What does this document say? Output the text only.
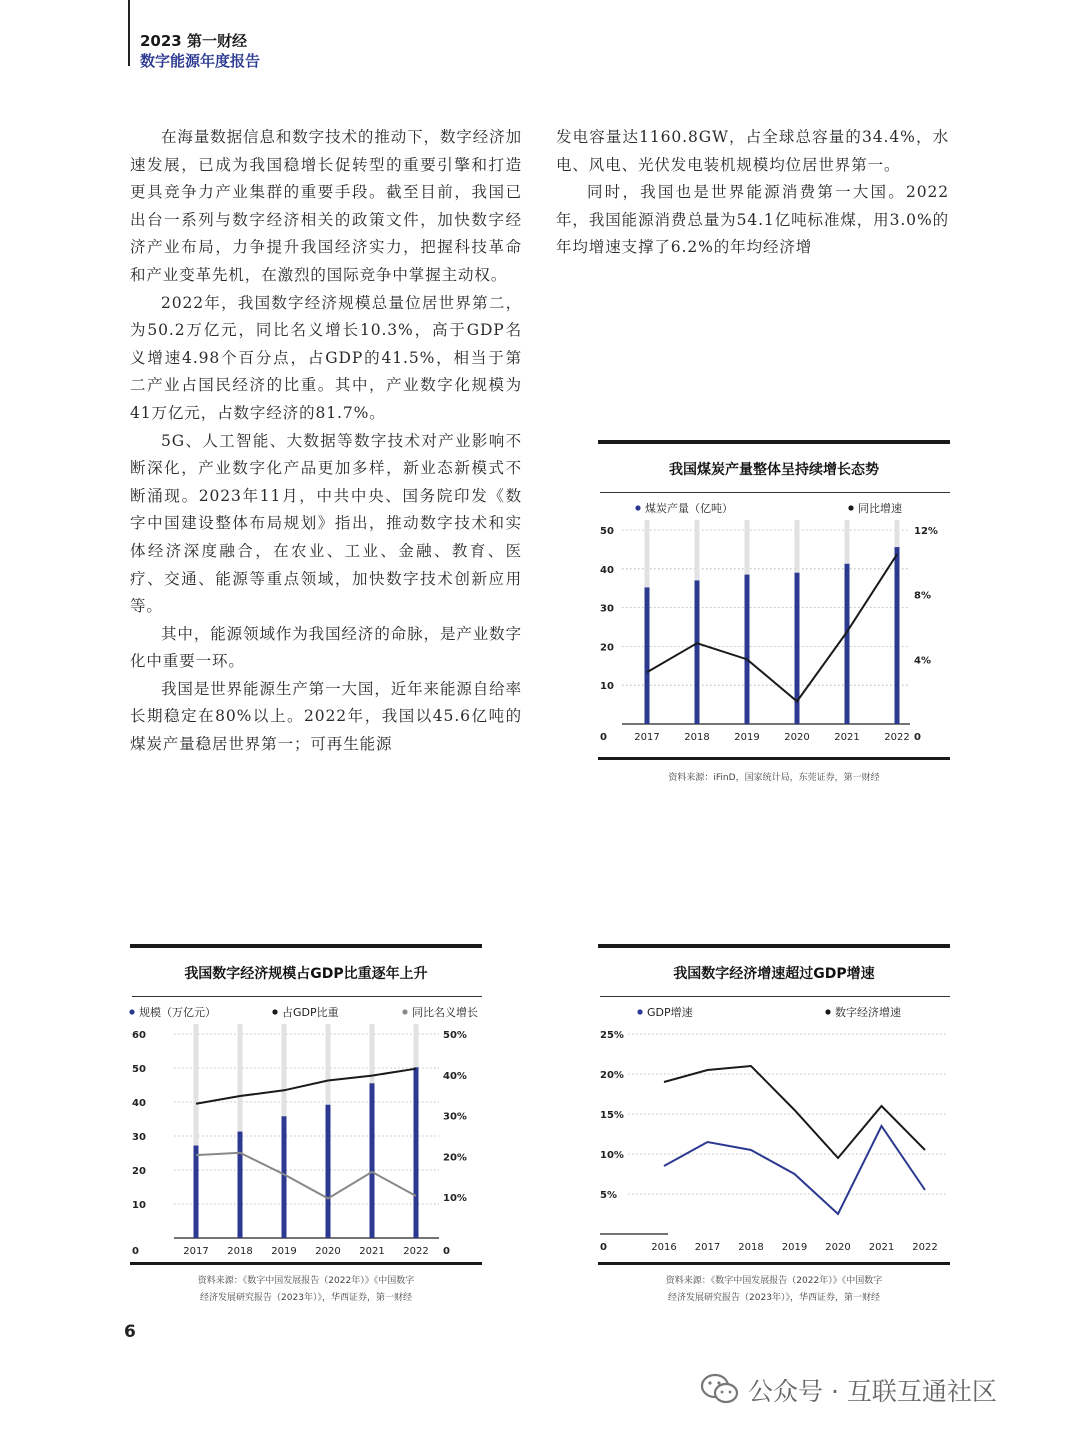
2023 第一财经
数字能源年度报告

在海量数据信息和数字技术的推动下，数字经济加速发展，已成为我国稳增长促转型的重要引擎和打造更具竞争力产业集群的重要手段。截至目前，我国已出台一系列与数字经济相关的政策文件，加快数字经济产业布局，力争提升我国经济实力，把握科技革命和产业变革先机，在激烈的国际竞争中掌握主动权。

2022年，我国数字经济规模总量位居世界第二，为50.2万亿元，同比名义增长10.3%，高于GDP名义增速4.98个百分点，占GDP的41.5%，相当于第二产业占国民经济的比重。其中，产业数字化规模为41万亿元，占数字经济的81.7%。

5G、人工智能、大数据等数字技术对产业影响不断深化，产业数字化产品更加多样，新业态新模式不断涌现。2023年11月，中共中央、国务院印发《数字中国建设整体布局规划》指出，推动数字技术和实体经济深度融合，在农业、工业、金融、教育、医疗、交通、能源等重点领域，加快数字技术创新应用等。

其中，能源领域作为我国经济的命脉，是产业数字化中重要一环。

我国是世界能源生产第一大国，近年来能源自给率长期稳定在80%以上。2022年，我国以45.6亿吨的煤炭产量稳居世界第一；可再生能源

发电容量达1160.8GW，占全球总容量的34.4%，水电、风电、光伏发电装机规模均位居世界第一。

同时，我国也是世界能源消费第一大国。2022年，我国能源消费总量为54.1亿吨标准煤，用3.0%的年均增速支撑了6.2%的年均经济增

我国煤炭产量整体呈持续增长态势
煤炭产量（亿吨）	同比增速
0
10
20
30
40
50
0
4%
8%
12%
2017 2018 2019 2020 2021 2022
资料来源：iFinD，国家统计局，东莞证券，第一财经
我国数字经济规模占GDP比重逐年上升
规模（万亿元）	占GDP比重	同比名义增长
0
10
20
30
40
50
60
0
10%
20%
30%
40%
50%
2017 2018 2019 2020 2021 2022
资料来源：《数字中国发展报告（2022年）》《中国数字
经济发展研究报告（2023年）》，华西证券，第一财经
我国数字经济增速超过GDP增速
GDP增速	数字经济增速
0
5%
10%
15%
20%
25%
2016 2017 2018 2019 2020 2021 2022
资料来源：《数字中国发展报告（2022年）》《中国数字
经济发展研究报告（2023年）》，华西证券，第一财经
6
公众号 · 互联互通社区
